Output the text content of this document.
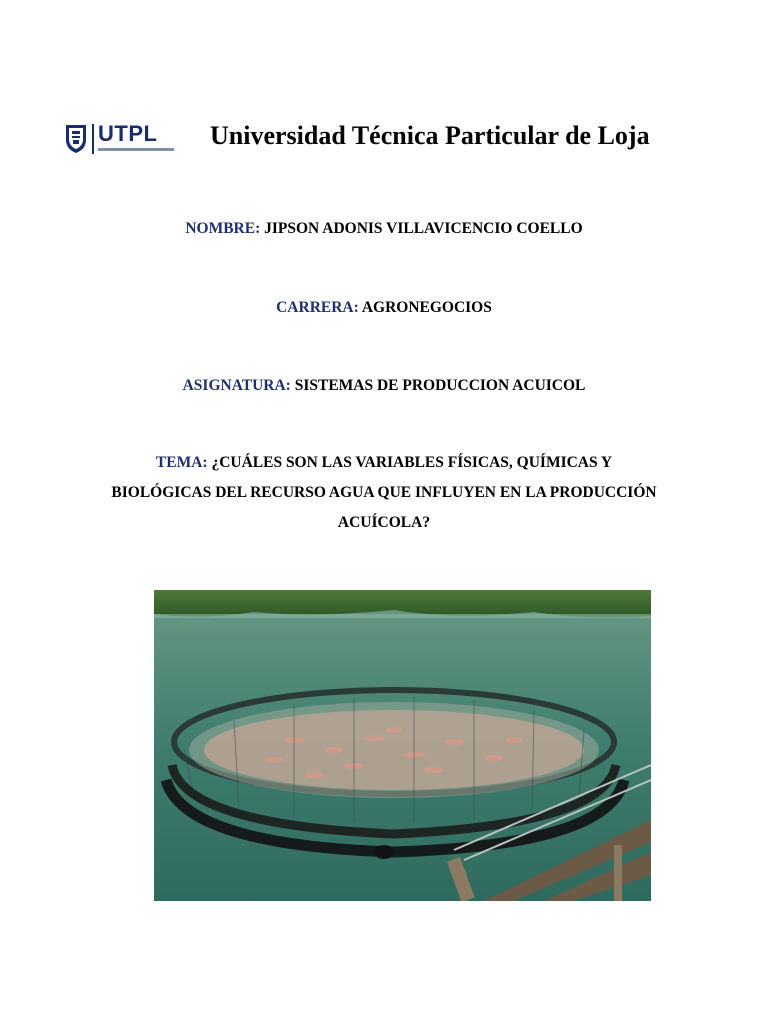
UTPL Universidad Técnica Particular de Loja
NOMBRE: JIPSON ADONIS VILLAVICENCIO COELLO
CARRERA: AGRONEGOCIOS
ASIGNATURA: SISTEMAS DE PRODUCCION ACUICOL
TEMA: ¿CUÁLES SON LAS VARIABLES FÍSICAS, QUÍMICAS Y BIOLÓGICAS DEL RECURSO AGUA QUE INFLUYEN EN LA PRODUCCIÓN ACUÍCOLA?
